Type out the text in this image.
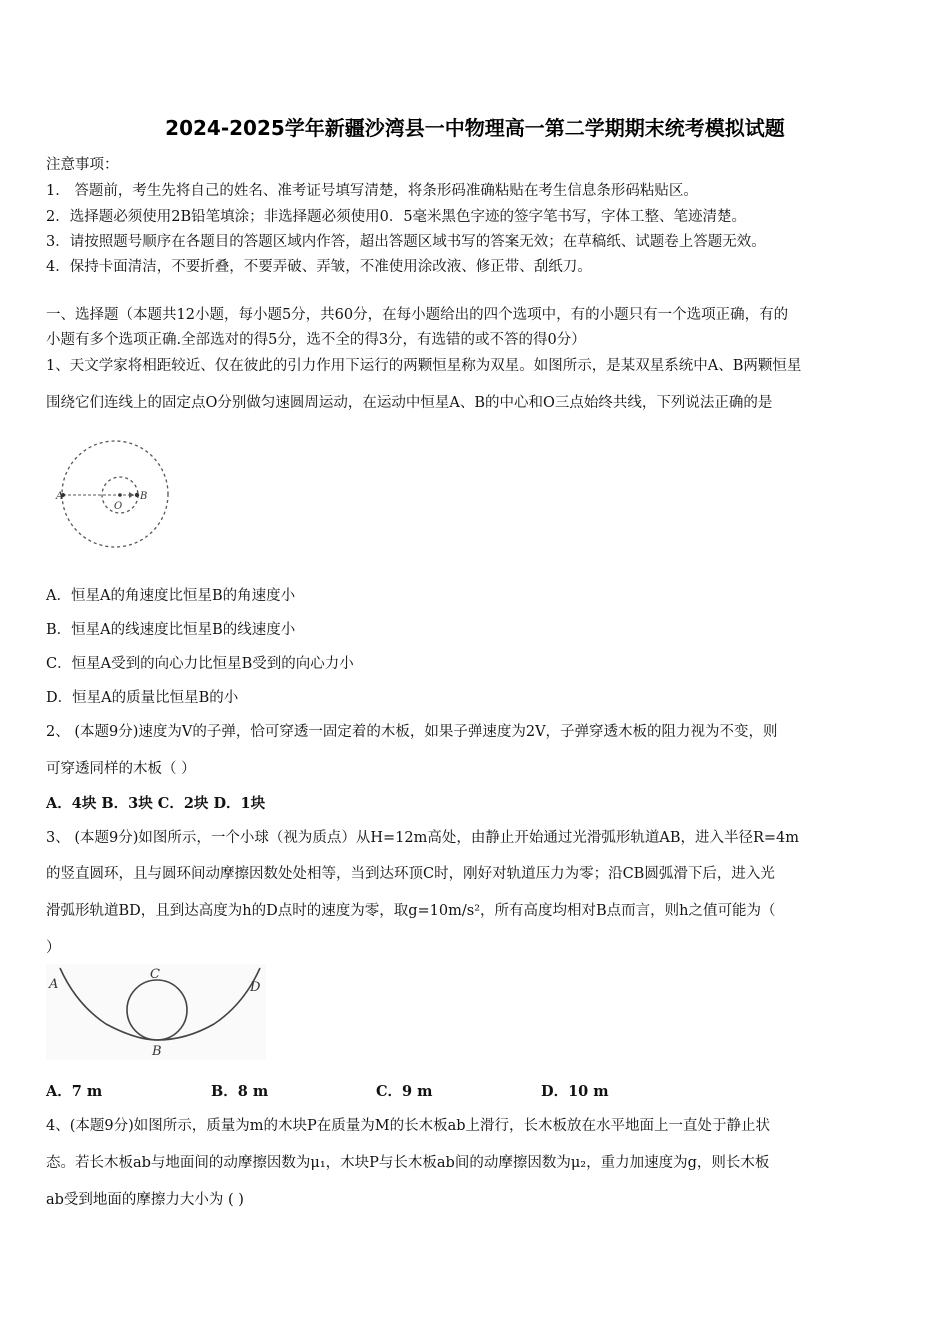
2024-2025学年新疆沙湾县一中物理高一第二学期期末统考模拟试题
注意事项：
1． 答题前，考生先将自己的姓名、准考证号填写清楚，将条形码准确粘贴在考生信息条形码粘贴区。
2．选择题必须使用2B铅笔填涂；非选择题必须使用0．5毫米黑色字迹的签字笔书写，字体工整、笔迹清楚。
3．请按照题号顺序在各题目的答题区域内作答，超出答题区域书写的答案无效；在草稿纸、试题卷上答题无效。
4．保持卡面清洁，不要折叠，不要弄破、弄皱，不准使用涂改液、修正带、刮纸刀。
一、选择题（本题共12小题，每小题5分，共60分，在每小题给出的四个选项中，有的小题只有一个选项正确，有的
小题有多个选项正确.全部选对的得5分，选不全的得3分，有选错的或不答的得0分）
1、天文学家将相距较近、仅在彼此的引力作用下运行的两颗恒星称为双星。如图所示，是某双星系统中A、B两颗恒星
围绕它们连线上的固定点O分别做匀速圆周运动，在运动中恒星A、B的中心和O三点始终共线，下列说法正确的是
A
O
B
A．恒星A的角速度比恒星B的角速度小
B．恒星A的线速度比恒星B的线速度小
C．恒星A受到的向心力比恒星B受到的向心力小
D．恒星A的质量比恒星B的小
2、 (本题9分)速度为V的子弹，恰可穿透一固定着的木板，如果子弹速度为2V，子弹穿透木板的阻力视为不变，则
可穿透同样的木板（ ）
A．4块 B．3块 C．2块 D．1块
3、 (本题9分)如图所示，一个小球（视为质点）从H=12m高处，由静止开始通过光滑弧形轨道AB，进入半径R=4m
的竖直圆环，且与圆环间动摩擦因数处处相等，当到达环顶C时，刚好对轨道压力为零；沿CB圆弧滑下后，进入光
滑弧形轨道BD，且到达高度为h的D点时的速度为零，取g=10m/s²，所有高度均相对B点而言，则h之值可能为（
）
A
C
D
B
A．7 m	B．8 m	C．9 m	D．10 m
4、(本题9分)如图所示，质量为m的木块P在质量为M的长木板ab上滑行，长木板放在水平地面上一直处于静止状
态。若长木板ab与地面间的动摩擦因数为μ₁，木块P与长木板ab间的动摩擦因数为μ₂，重力加速度为g，则长木板
ab受到地面的摩擦力大小为 ( )
